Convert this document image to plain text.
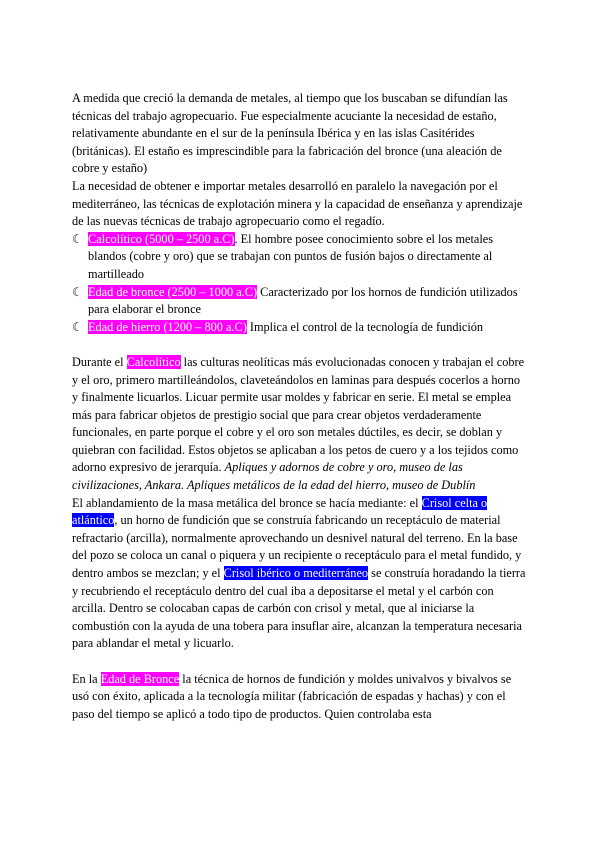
A medida que creció la demanda de metales, al tiempo que los buscaban se difundían las técnicas del trabajo agropecuario. Fue especialmente acuciante la necesidad de estaño, relativamente abundante en el sur de la península Ibérica y en las islas Casitérides (británicas). El estaño es imprescindible para la fabricación del bronce (una aleación de cobre y estaño)

La necesidad de obtener e importar metales desarrolló en paralelo la navegación por el mediterráneo, las técnicas de explotación minera y la capacidad de enseñanza y aprendizaje de las nuevas técnicas de trabajo agropecuario como el regadío.

☾ Calcolítico (5000 – 2500 a.C). El hombre posee conocimiento sobre el los metales blandos (cobre y oro) que se trabajan con puntos de fusión bajos o directamente al martilleado
☾ Edad de bronce (2500 – 1000 a.C) Caracterizado por los hornos de fundición utilizados para elaborar el bronce
☾ Edad de hierro (1200 – 800 a.C) Implica el control de la tecnología de fundición

Durante el Calcolítico las culturas neolíticas más evolucionadas conocen y trabajan el cobre y el oro, primero martilleándolos, claveteándolos en laminas para después cocerlos a horno y finalmente licuarlos. Licuar permite usar moldes y fabricar en serie. El metal se emplea más para fabricar objetos de prestigio social que para crear objetos verdaderamente funcionales, en parte porque el cobre y el oro son metales dúctiles, es decir, se doblan y quiebran con facilidad. Estos objetos se aplicaban a los petos de cuero y a los tejidos como adorno expresivo de jerarquía. Apliques y adornos de cobre y oro, museo de las civilizaciones, Ankara. Apliques metálicos de la edad del hierro, museo de Dublín

El ablandamiento de la masa metálica del bronce se hacía mediante: el Crisol celta o atlántico, un horno de fundición que se construía fabricando un receptáculo de material refractario (arcilla), normalmente aprovechando un desnivel natural del terreno. En la base del pozo se coloca un canal o piquera y un recipiente o receptáculo para el metal fundido, y dentro ambos se mezclan; y el Crisol ibérico o mediterráneo se construía horadando la tierra y recubriendo el receptáculo dentro del cual iba a depositarse el metal y el carbón con arcilla. Dentro se colocaban capas de carbón con crisol y metal, que al iniciarse la combustión con la ayuda de una tobera para insuflar aire, alcanzan la temperatura necesaria para ablandar el metal y licuarlo.

En la Edad de Bronce la técnica de hornos de fundición y moldes univalvos y bivalvos se usó con éxito, aplicada a la tecnología militar (fabricación de espadas y hachas) y con el paso del tiempo se aplicó a todo tipo de productos. Quien controlaba esta
